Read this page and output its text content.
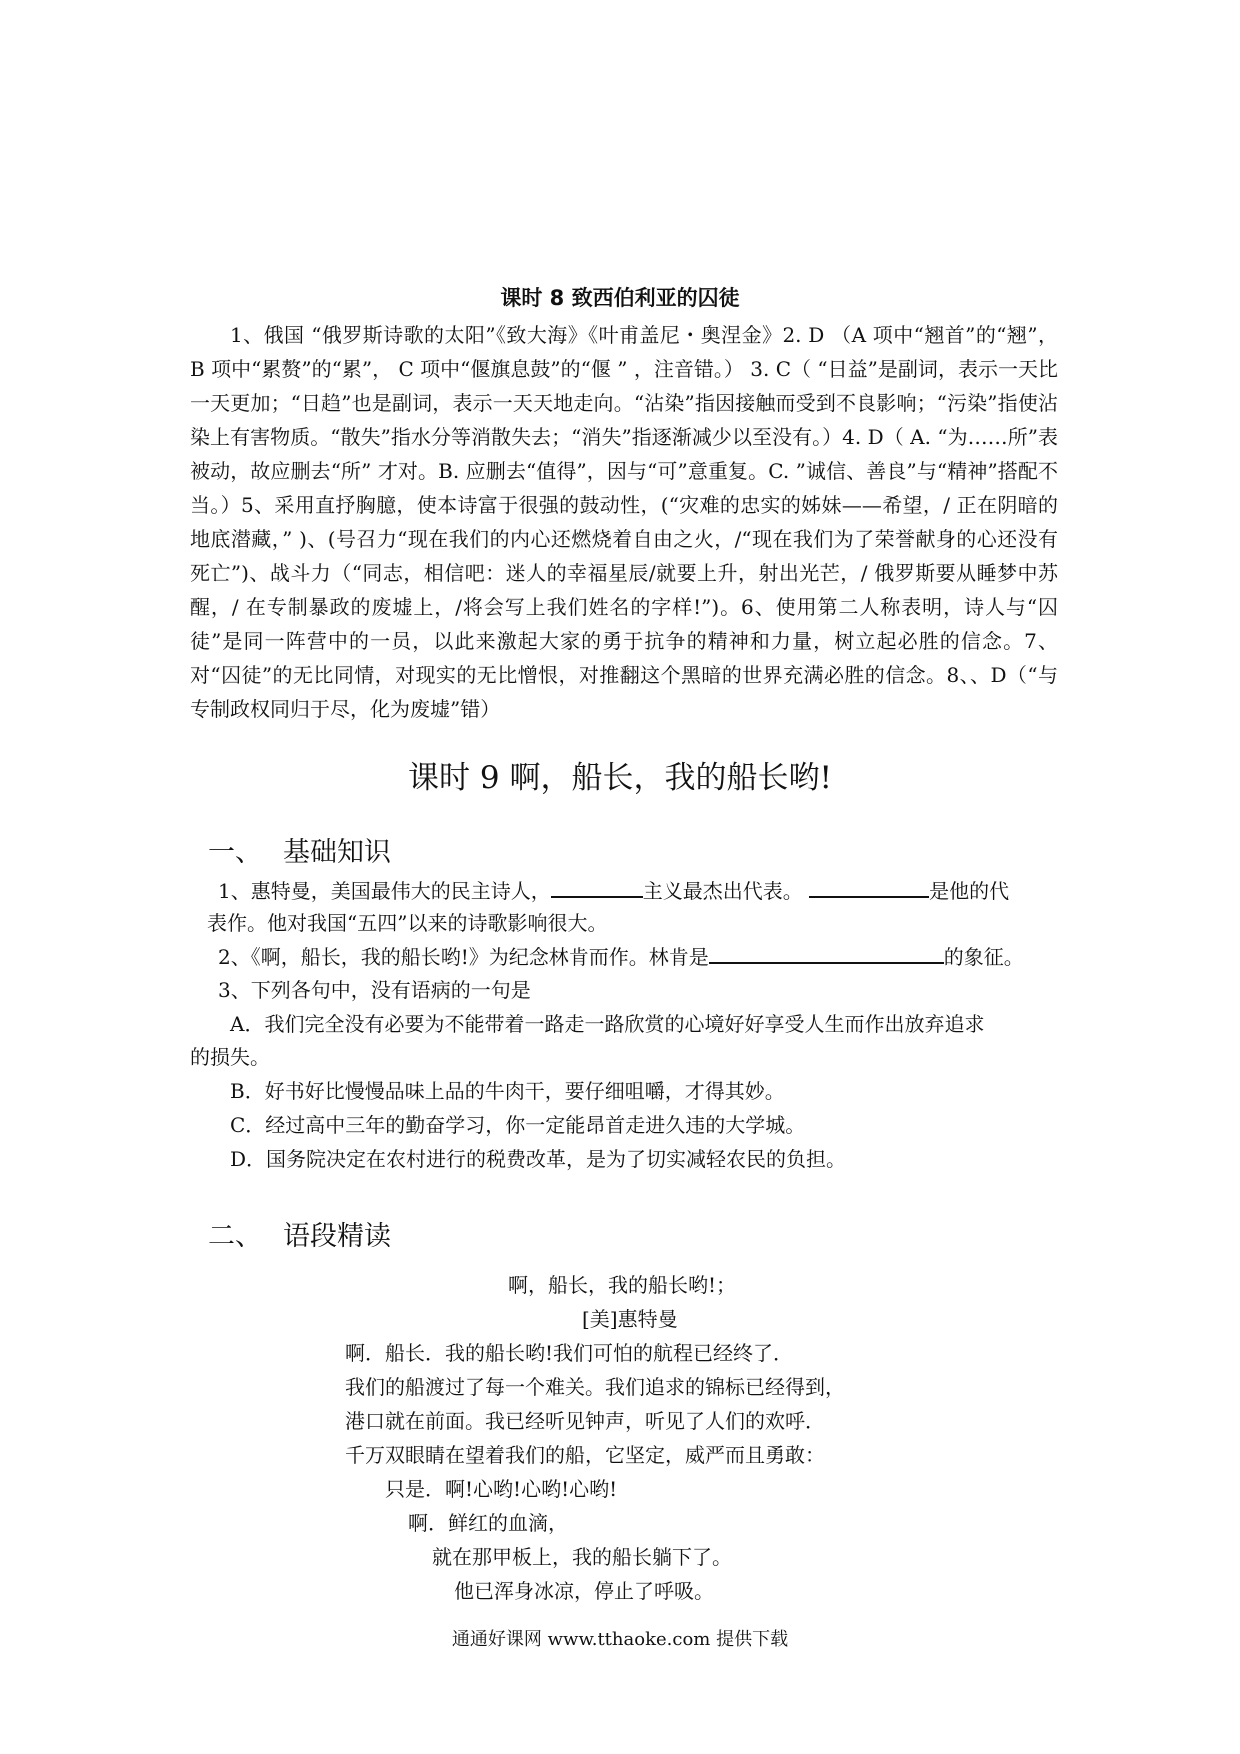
课时 8 致西伯利亚的囚徒

1、俄国 “俄罗斯诗歌的太阳”《致大海》《叶甫盖尼・奥涅金》2. D （A 项中“翘首”的“翘”， B 项中“累赘”的“累”， C 项中“偃旗息鼓”的“偃 ” ，注音错。） 3. C（ “日益”是副词，表示一天比一天更加；“日趋”也是副词，表示一天天地走向。“沾染”指因接触而受到不良影响；“污染”指使沾染上有害物质。“散失”指水分等消散失去；“消失”指逐渐减少以至没有。）4. D（ A. “为……所”表被动，故应删去“所” 才对。B. 应删去“值得”，因与“可”意重复。C. ”诚信、善良”与“精神”搭配不当。）5、采用直抒胸臆，使本诗富于很强的鼓动性，(“灾难的忠实的姊妹——希望，/ 正在阴暗的地底潜藏，” )、(号召力“现在我们的内心还燃烧着自由之火，/“现在我们为了荣誉献身的心还没有死亡”)、战斗力（“同志，相信吧：迷人的幸福星辰/就要上升，射出光芒，/ 俄罗斯要从睡梦中苏醒，/ 在专制暴政的废墟上，/将会写上我们姓名的字样!”)。6、使用第二人称表明，诗人与“囚徒”是同一阵营中的一员，以此来激起大家的勇于抗争的精神和力量，树立起必胜的信念。7、对“囚徒”的无比同情，对现实的无比憎恨，对推翻这个黑暗的世界充满必胜的信念。8、、D（“与专制政权同归于尽，化为废墟”错）

课时 9 啊，船长，我的船长哟!
一、 基础知识

1、惠特曼，美国最伟大的民主诗人，	主义最杰出代表。	是他的代

表作。他对我国“五四”以来的诗歌影响很大。

2、《啊，船长，我的船长哟!》为纪念林肯而作。林肯是	的象征。

3、下列各句中，没有语病的一句是

A．我们完全没有必要为不能带着一路走一路欣赏的心境好好享受人生而作出放弃追求

的损失。

B．好书好比慢慢品味上品的牛肉干，要仔细咀嚼，才得其妙。

C．经过高中三年的勤奋学习，你一定能昂首走进久违的大学城。

D．国务院决定在农村进行的税费改革，是为了切实减轻农民的负担。

二、 语段精读
啊，船长，我的船长哟!；
[美]惠特曼
啊．船长．我的船长哟!我们可怕的航程已经终了．
我们的船渡过了每一个难关。我们追求的锦标已经得到，
港口就在前面。我已经听见钟声，听见了人们的欢呼．
千万双眼睛在望着我们的船，它坚定，威严而且勇敢：
只是．啊!心哟!心哟!心哟!
啊．鲜红的血滴，
就在那甲板上，我的船长躺下了。
他已浑身冰凉，停止了呼吸。
通通好课网 www.tthaoke.com 提供下载
